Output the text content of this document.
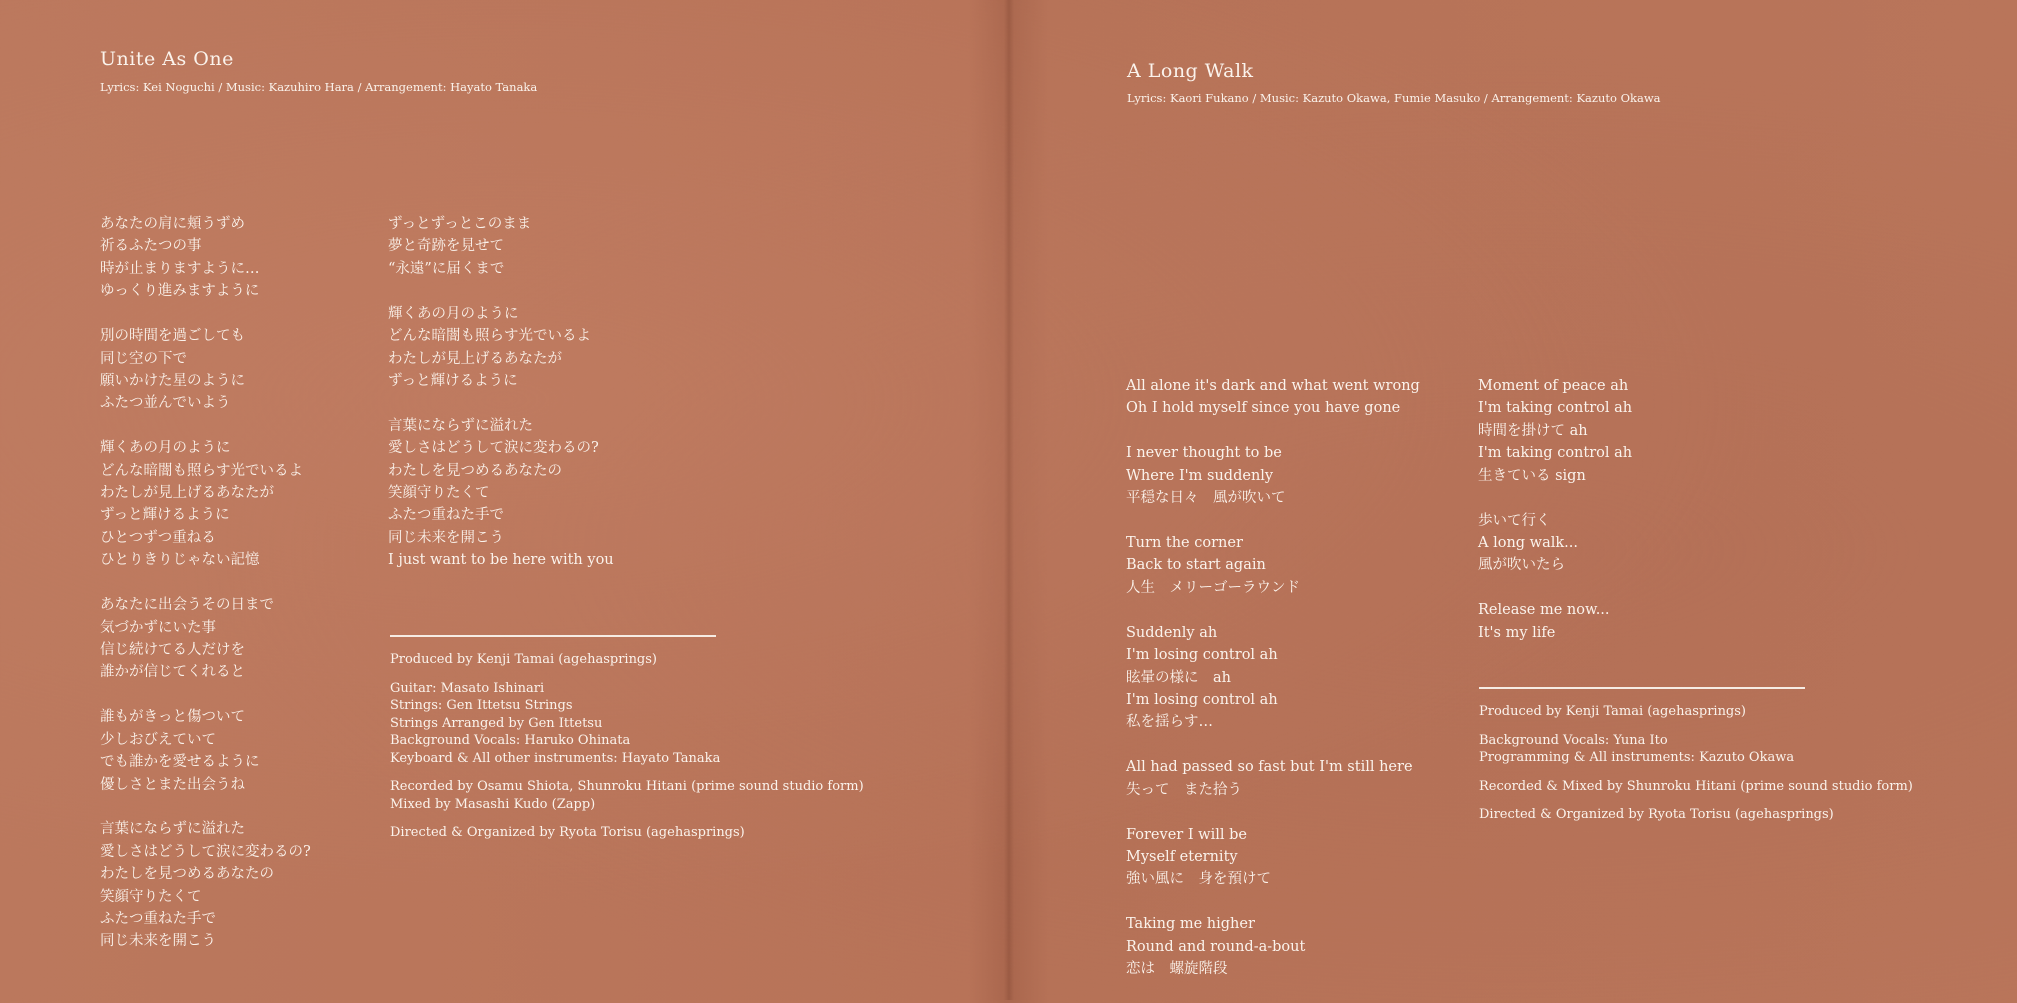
Unite As One

Lyrics: Kei Noguchi / Music: Kazuhiro Hara / Arrangement: Hayato Tanaka

あなたの肩に頬うずめ
祈るふたつの事
時が止まりますように…
ゆっくり進みますように
別の時間を過ごしても
同じ空の下で
願いかけた星のように
ふたつ並んでいよう
輝くあの月のように
どんな暗闇も照らす光でいるよ
わたしが見上げるあなたが
ずっと輝けるように
ひとつずつ重ねる
ひとりきりじゃない記憶
あなたに出会うその日まで
気づかずにいた事
信じ続けてる人だけを
誰かが信じてくれると
誰もがきっと傷ついて
少しおびえていて
でも誰かを愛せるように
優しさとまた出会うね
言葉にならずに溢れた
愛しさはどうして涙に変わるの?
わたしを見つめるあなたの
笑顔守りたくて
ふたつ重ねた手で
同じ未来を開こう
ずっとずっとこのまま
夢と奇跡を見せて
“永遠”に届くまで
輝くあの月のように
どんな暗闇も照らす光でいるよ
わたしが見上げるあなたが
ずっと輝けるように
言葉にならずに溢れた
愛しさはどうして涙に変わるの?
わたしを見つめるあなたの
笑顔守りたくて
ふたつ重ねた手で
同じ未来を開こう
I just want to be here with you
Produced by Kenji Tamai (agehasprings)
Guitar: Masato Ishinari
Strings: Gen Ittetsu Strings
Strings Arranged by Gen Ittetsu
Background Vocals: Haruko Ohinata
Keyboard & All other instruments: Hayato Tanaka
Recorded by Osamu Shiota, Shunroku Hitani (prime sound studio form)
Mixed by Masashi Kudo (Zapp)
Directed & Organized by Ryota Torisu (agehasprings)
A Long Walk

Lyrics: Kaori Fukano / Music: Kazuto Okawa, Fumie Masuko / Arrangement: Kazuto Okawa

All alone it's dark and what went wrong
Oh I hold myself since you have gone
I never thought to be
Where I'm suddenly
平穏な日々　風が吹いて
Turn the corner
Back to start again
人生　メリーゴーラウンド
Suddenly ah
I'm losing control ah
眩暈の様に　ah
I'm losing control ah
私を揺らす…
All had passed so fast but I'm still here
失って　また拾う
Forever I will be
Myself eternity
強い風に　身を預けて
Taking me higher
Round and round-a-bout
恋は　螺旋階段
Moment of peace ah
I'm taking control ah
時間を掛けて ah
I'm taking control ah
生きている sign
歩いて行く
A long walk...
風が吹いたら
Release me now...
It's my life
Produced by Kenji Tamai (agehasprings)
Background Vocals: Yuna Ito
Programming & All instruments: Kazuto Okawa
Recorded & Mixed by Shunroku Hitani (prime sound studio form)
Directed & Organized by Ryota Torisu (agehasprings)
